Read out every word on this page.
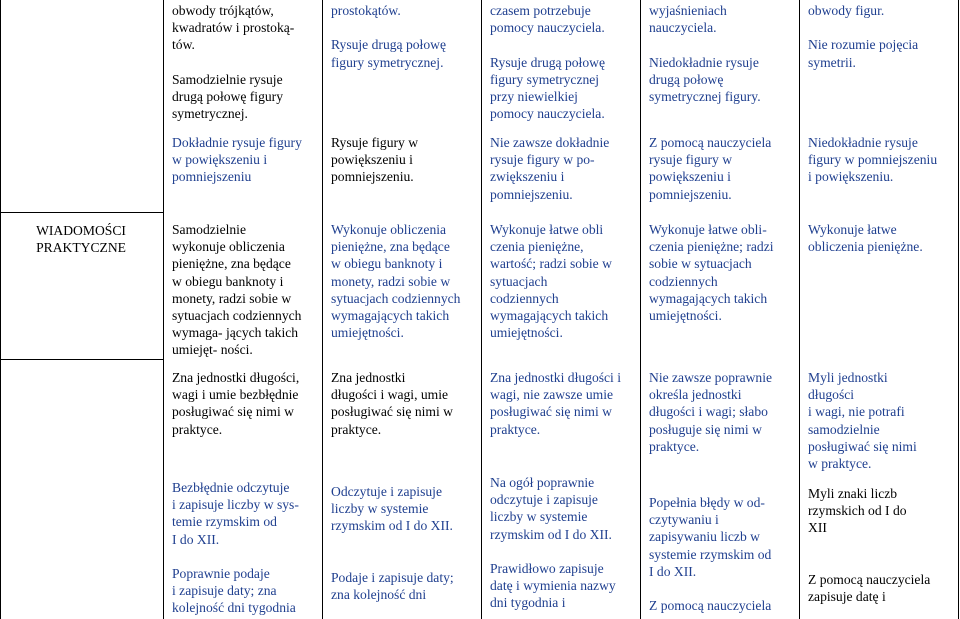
obwody trójkątów,
kwadratów i prostoką-
tów.

Samodzielnie rysuje
drugą połowę figury
symetrycznej.
prostokątów.

Rysuje drugą połowę
figury symetrycznej.
czasem potrzebuje
pomocy nauczyciela.

Rysuje drugą połowę
figury symetrycznej
przy niewielkiej
pomocy nauczyciela.
wyjaśnieniach
nauczyciela.

Niedokładnie rysuje
drugą połowę
symetrycznej figury.
obwody figur.

Nie rozumie pojęcia
symetrii.
Dokładnie rysuje figury
w powiększeniu i
pomniejszeniu
Rysuje figury w
powiększeniu i
pomniejszeniu.
Nie zawsze dokładnie
rysuje figury w po-
zwiększeniu i
pomniejszeniu.
Z pomocą nauczyciela
rysuje figury w
powiększeniu i
pomniejszeniu.
Niedokładnie rysuje
figury w pomniejszeniu
i powiększeniu.
WIADOMOŚCI
PRAKTYCZNE
Samodzielnie
wykonuje obliczenia
pieniężne, zna będące
w obiegu banknoty i
monety, radzi sobie w
sytuacjach codziennych
wymaga- jących takich
umiejęt- ności.
Wykonuje obliczenia
pieniężne, zna będące
w obiegu banknoty i
monety, radzi sobie w
sytuacjach codziennych
wymagających takich
umiejętności.
Wykonuje łatwe obli
czenia pieniężne,
wartość; radzi sobie w
sytuacjach
codziennych
wymagających takich
umiejętności.
Wykonuje łatwe obli-
czenia pieniężne; radzi
sobie w sytuacjach
codziennych
wymagających takich
umiejętności.
Wykonuje łatwe
obliczenia pieniężne.
Zna jednostki długości,
wagi i umie bezbłędnie
posługiwać się nimi w
praktyce.
Zna jednostki
długości i wagi, umie
posługiwać się nimi w
praktyce.
Zna jednostki długości i
wagi, nie zawsze umie
posługiwać się nimi w
praktyce.
Nie zawsze poprawnie
określa jednostki
długości i wagi; słabo
posługuje się nimi w
praktyce.
Myli jednostki
długości
i wagi, nie potrafi
samodzielnie
posługiwać się nimi
w praktyce.
Bezbłędnie odczytuje
i zapisuje liczby w sys-
temie rzymskim od
I do XII.

Poprawnie podaje
i zapisuje daty; zna
kolejność dni tygodnia
Odczytuje i zapisuje
liczby w systemie
rzymskim od I do XII.

Podaje i zapisuje daty;
zna kolejność dni
Na ogół poprawnie
odczytuje i zapisuje
liczby w systemie
rzymskim od I do XII.

Prawidłowo zapisuje
datę i wymienia nazwy
dni tygodnia i
Popełnia błędy w od-
czytywaniu i
zapisywaniu liczb w
systemie rzymskim od
I do XII.

Z pomocą nauczyciela
Myli znaki liczb
rzymskich od I do
XII

Z pomocą nauczyciela
zapisuje datę i
